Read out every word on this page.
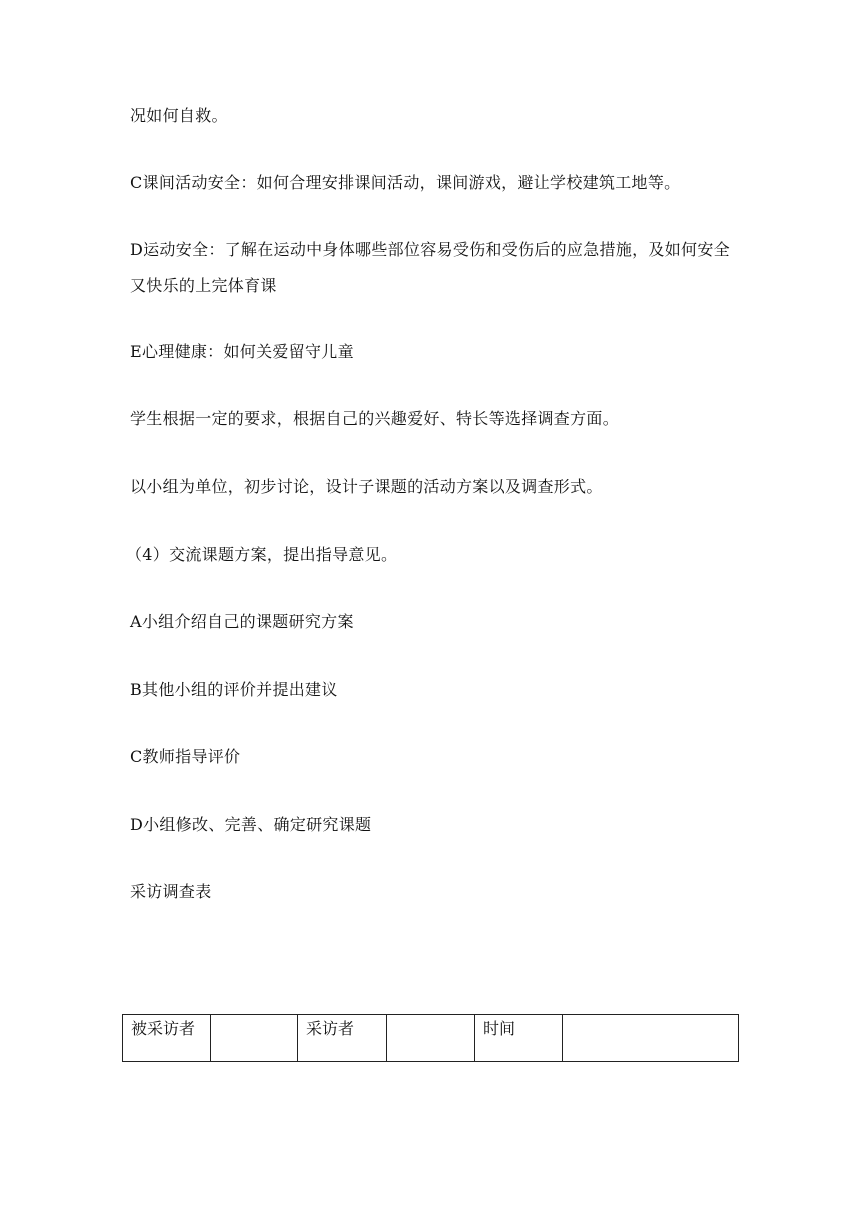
况如何自救。
C课间活动安全：如何合理安排课间活动，课间游戏，避让学校建筑工地等。
D运动安全：了解在运动中身体哪些部位容易受伤和受伤后的应急措施，及如何安全又快乐的上完体育课
E心理健康：如何关爱留守儿童
学生根据一定的要求，根据自己的兴趣爱好、特长等选择调查方面。
以小组为单位，初步讨论，设计子课题的活动方案以及调查形式。
（4）交流课题方案，提出指导意见。
A小组介绍自己的课题研究方案
B其他小组的评价并提出建议
C教师指导评价
D小组修改、完善、确定研究课题
采访调查表
被采访者		采访者		时间	
